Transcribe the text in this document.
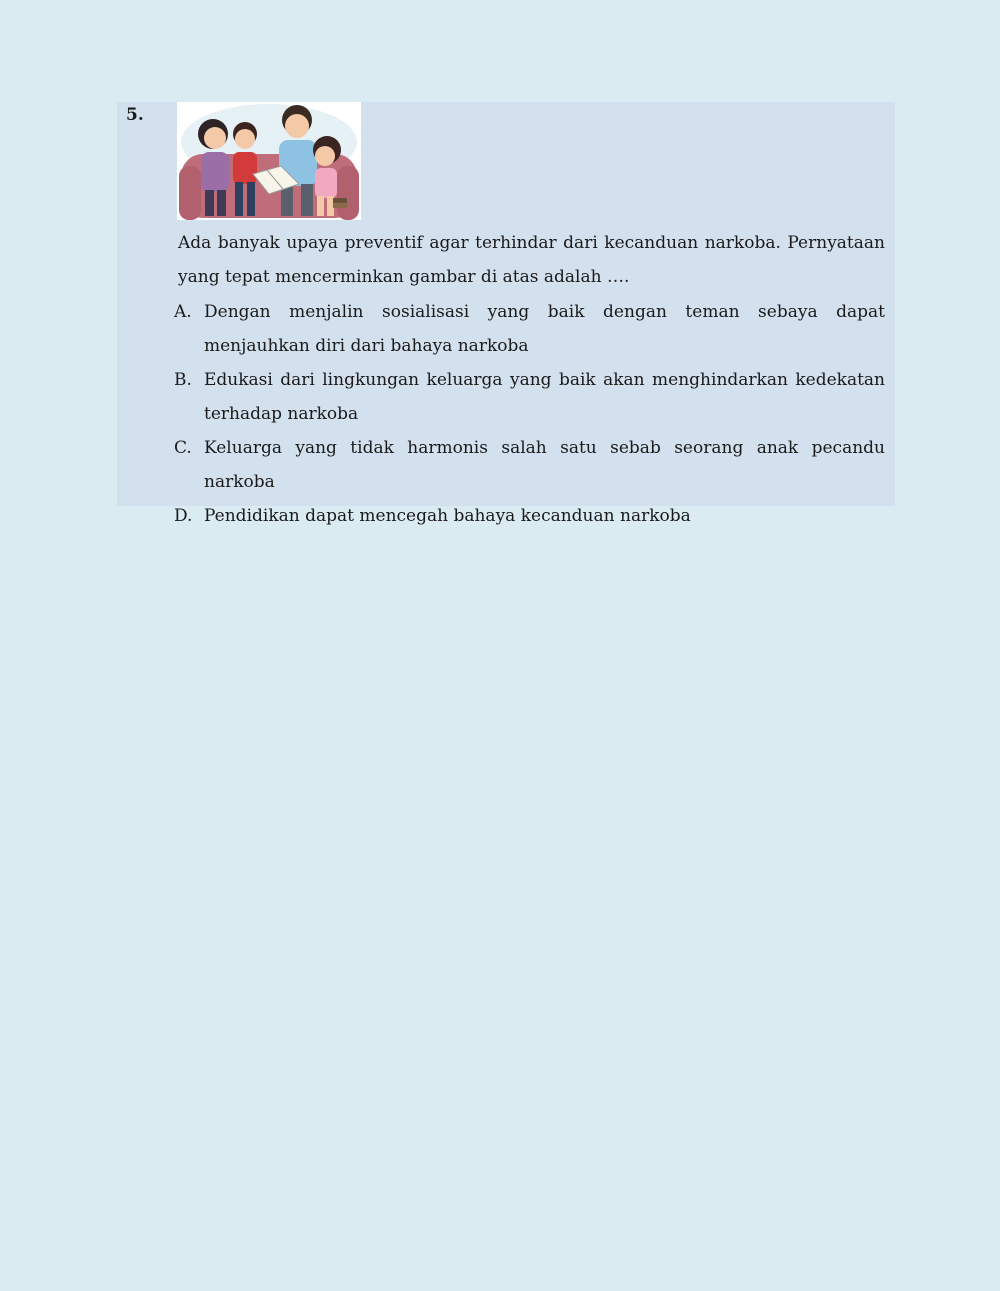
5.
Ada banyak upaya preventif agar terhindar dari kecanduan narkoba. Pernyataan yang tepat mencerminkan gambar di atas adalah ….
A. Dengan menjalin sosialisasi yang baik dengan teman sebaya dapat menjauhkan diri dari bahaya narkoba
B. Edukasi dari lingkungan keluarga yang baik akan menghindarkan kedekatan terhadap narkoba
C. Keluarga yang tidak harmonis salah satu sebab seorang anak pecandu narkoba
D. Pendidikan dapat mencegah bahaya kecanduan narkoba
